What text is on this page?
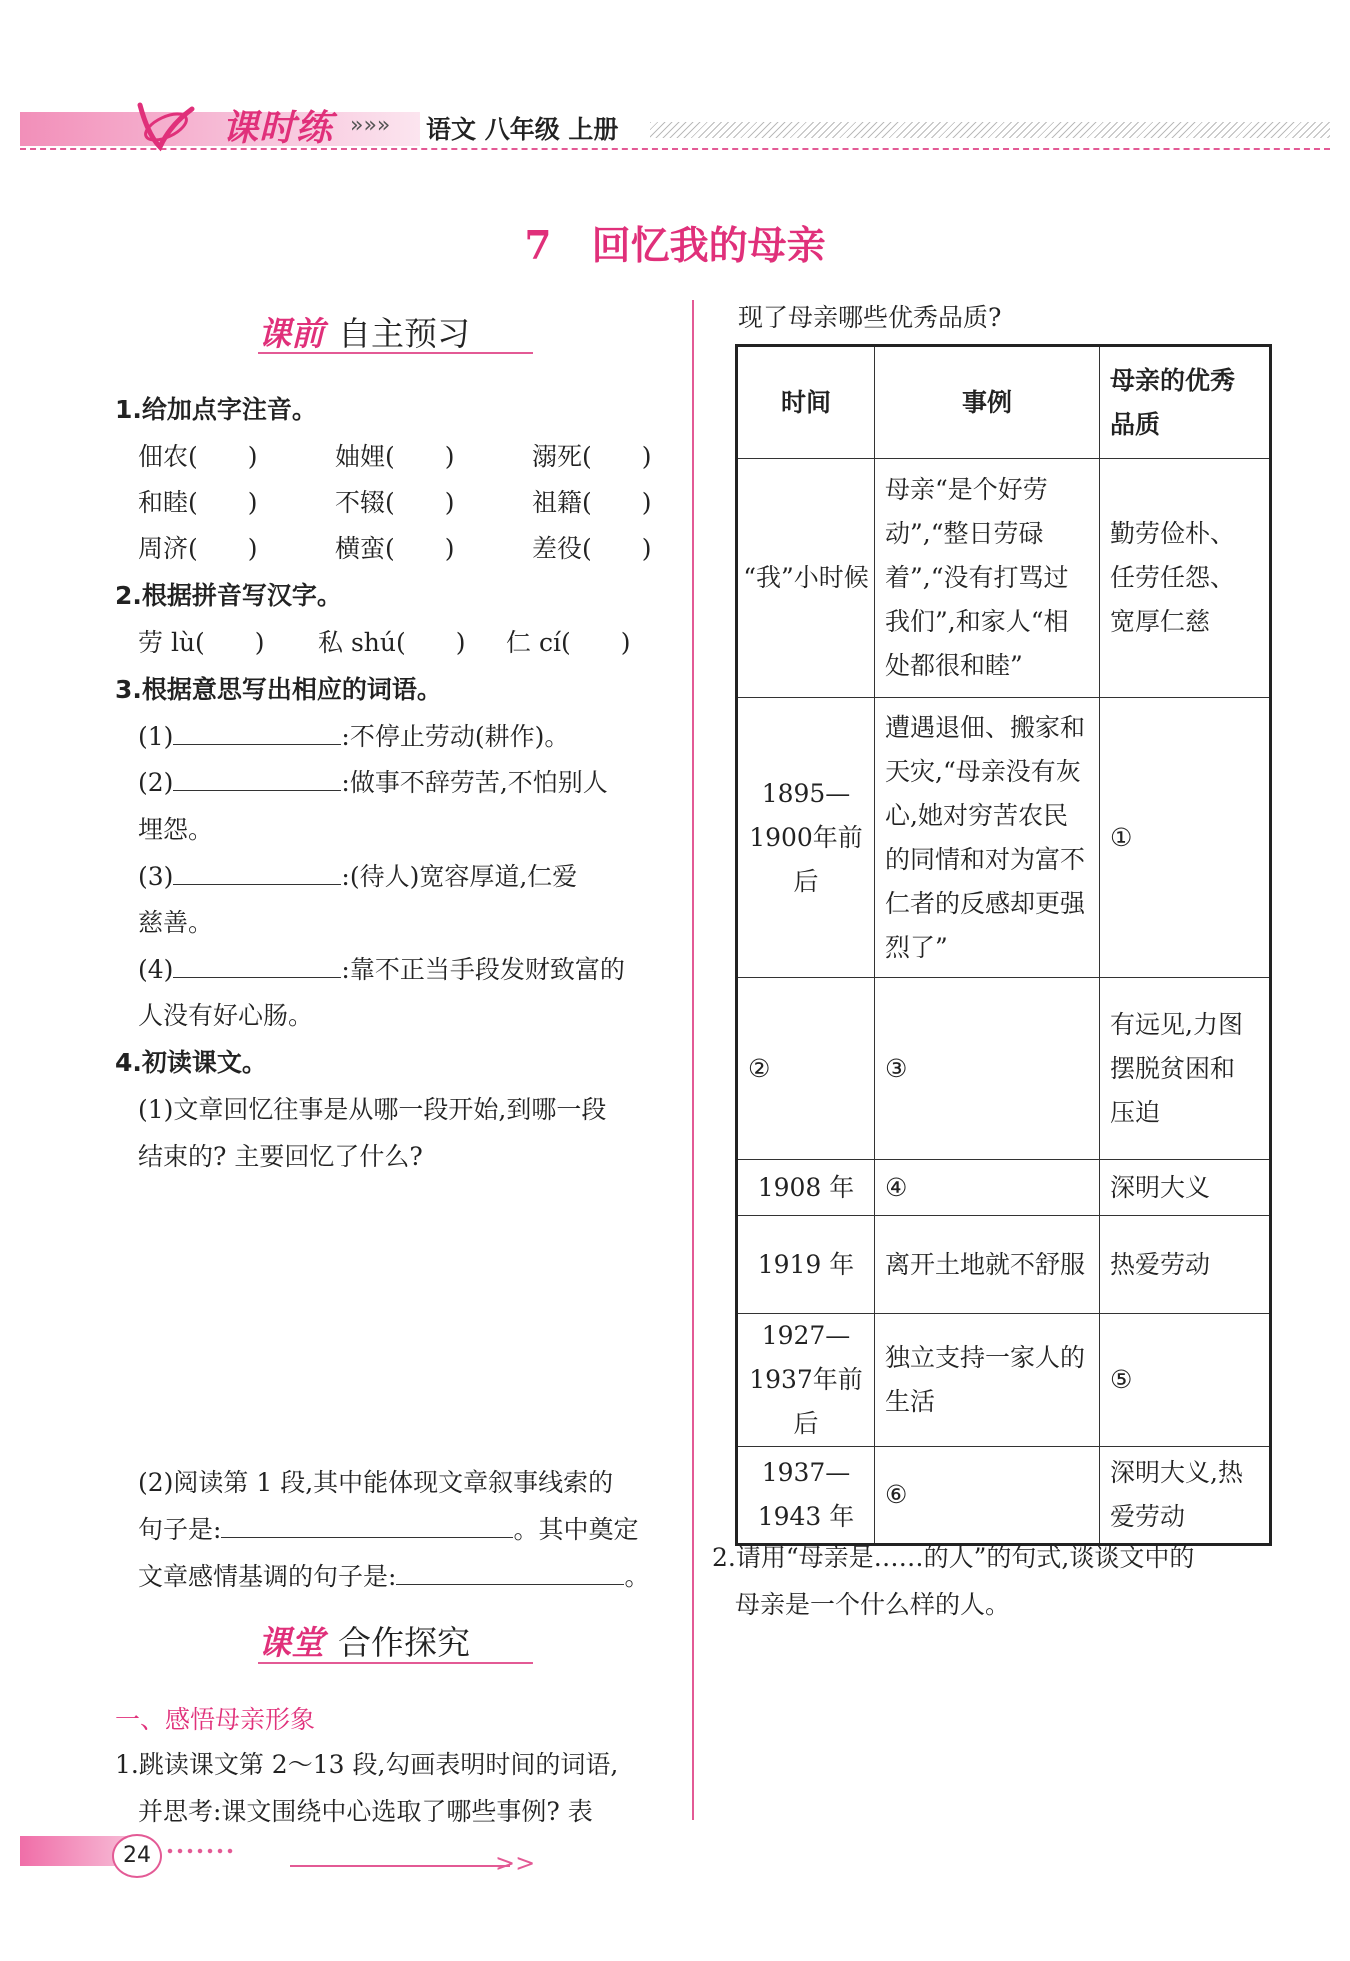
课时练 »»» 语文 八年级 上册
7 回忆我的母亲
课前 自主预习
1.给加点字注音。
佃农(　　)	妯娌(　　)	溺死(　　)
和睦(　　)	不辍(　　)	祖籍(　　)
周济(　　)	横蛮(　　)	差役(　　)
2.根据拼音写汉字。
劳 lù(　　) 私 shú(　　) 仁 cí(　　)
3.根据意思写出相应的词语。
(1)	:不停止劳动(耕作)。
(2)	:做事不辞劳苦,不怕别人
埋怨。
(3)	:(待人)宽容厚道,仁爱
慈善。
(4)	:靠不正当手段发财致富的
人没有好心肠。
4.初读课文。
(1)文章回忆往事是从哪一段开始,到哪一段
结束的? 主要回忆了什么?
(2)阅读第 1 段,其中能体现文章叙事线索的
句子是:	。其中奠定
文章感情基调的句子是:	。
课堂 合作探究
一、感悟母亲形象
1.跳读课文第 2～13 段,勾画表明时间的词语,
并思考:课文围绕中心选取了哪些事例? 表
现了母亲哪些优秀品质?
时间	事例	母亲的优秀品质
“我”小时候	母亲“是个好劳动”,“整日劳碌着”,“没有打骂过我们”,和家人“相处都很和睦”	勤劳俭朴、任劳任怨、宽厚仁慈
1895—1900年前后	遭遇退佃、搬家和天灾,“母亲没有灰心,她对穷苦农民的同情和对为富不仁者的反感却更强烈了”	①
②	③	有远见,力图摆脱贫困和压迫
1908 年	④	深明大义
1919 年	离开土地就不舒服	热爱劳动
1927—1937年前后	独立支持一家人的生活	⑤
1937—1943 年	⑥	深明大义,热爱劳动
2.请用“母亲是……的人”的句式,谈谈文中的
母亲是一个什么样的人。
24	>>
